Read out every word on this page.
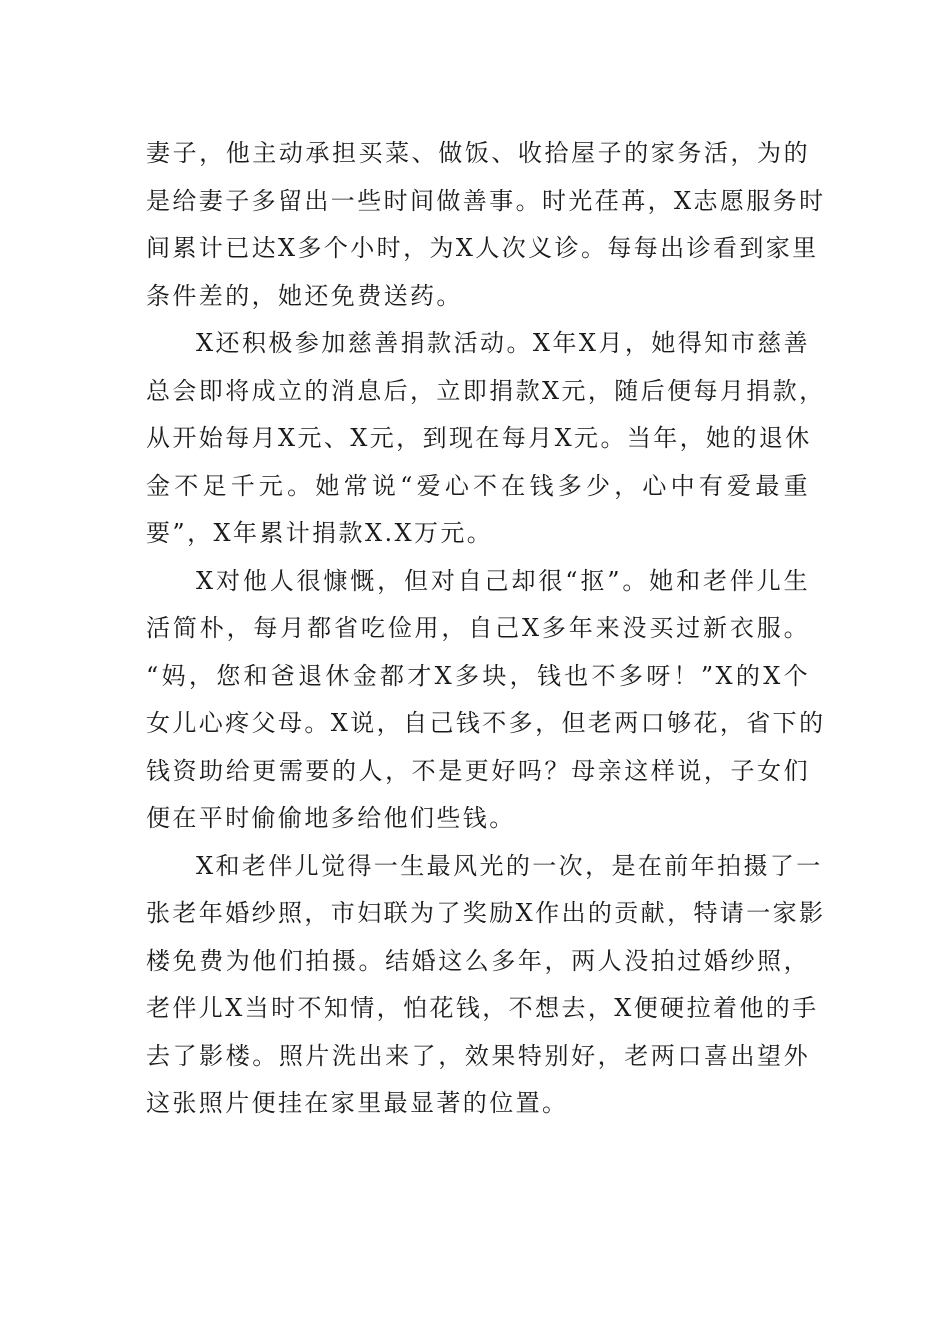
妻子，他主动承担买菜、做饭、收拾屋子的家务活，为的
是给妻子多留出一些时间做善事。时光荏苒，X志愿服务时
间累计已达X多个小时，为X人次义诊。每每出诊看到家里
条件差的，她还免费送药。
X还积极参加慈善捐款活动。X年X月，她得知市慈善
总会即将成立的消息后，立即捐款X元，随后便每月捐款，
从开始每月X元、X元，到现在每月X元。当年，她的退休
金不足千元。她常说“爱心不在钱多少，心中有爱最重
要”，X年累计捐款X.X万元。
X对他人很慷慨，但对自己却很“抠”。她和老伴儿生
活简朴，每月都省吃俭用，自己X多年来没买过新衣服。
“妈，您和爸退休金都才X多块，钱也不多呀！”X的X个
女儿心疼父母。X说，自己钱不多，但老两口够花，省下的
钱资助给更需要的人，不是更好吗？母亲这样说，子女们
便在平时偷偷地多给他们些钱。
X和老伴儿觉得一生最风光的一次，是在前年拍摄了一
张老年婚纱照，市妇联为了奖励X作出的贡献，特请一家影
楼免费为他们拍摄。结婚这么多年，两人没拍过婚纱照，
老伴儿X当时不知情，怕花钱，不想去，X便硬拉着他的手
去了影楼。照片洗出来了，效果特别好，老两口喜出望外
这张照片便挂在家里最显著的位置。
